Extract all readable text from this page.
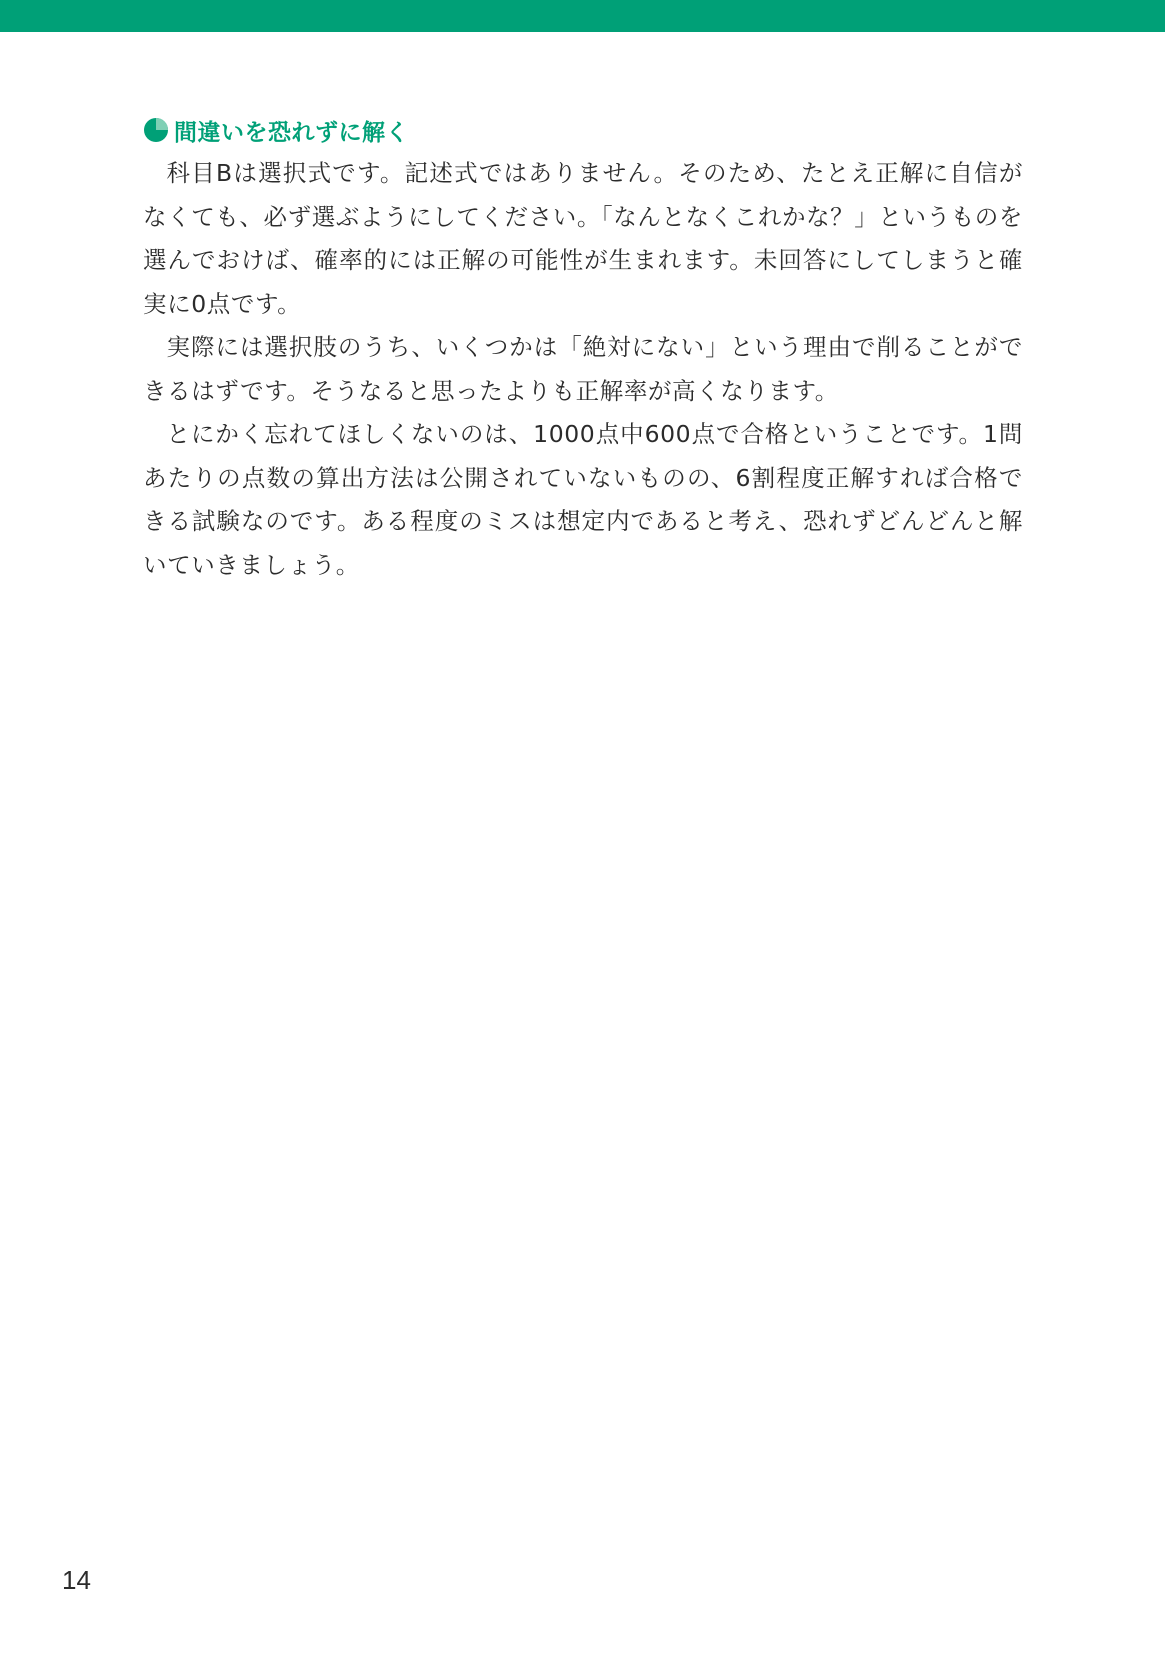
間違いを恐れずに解く

科目Bは選択式です。記述式ではありません。そのため、たとえ正解に自信がなくても、必ず選ぶようにしてください。「なんとなくこれかな？」というものを選んでおけば、確率的には正解の可能性が生まれます。未回答にしてしまうと確実に0点です。

実際には選択肢のうち、いくつかは「絶対にない」という理由で削ることができるはずです。そうなると思ったよりも正解率が高くなります。

とにかく忘れてほしくないのは、1000点中600点で合格ということです。1問あたりの点数の算出方法は公開されていないものの、6割程度正解すれば合格できる試験なのです。ある程度のミスは想定内であると考え、恐れずどんどんと解いていきましょう。

14
